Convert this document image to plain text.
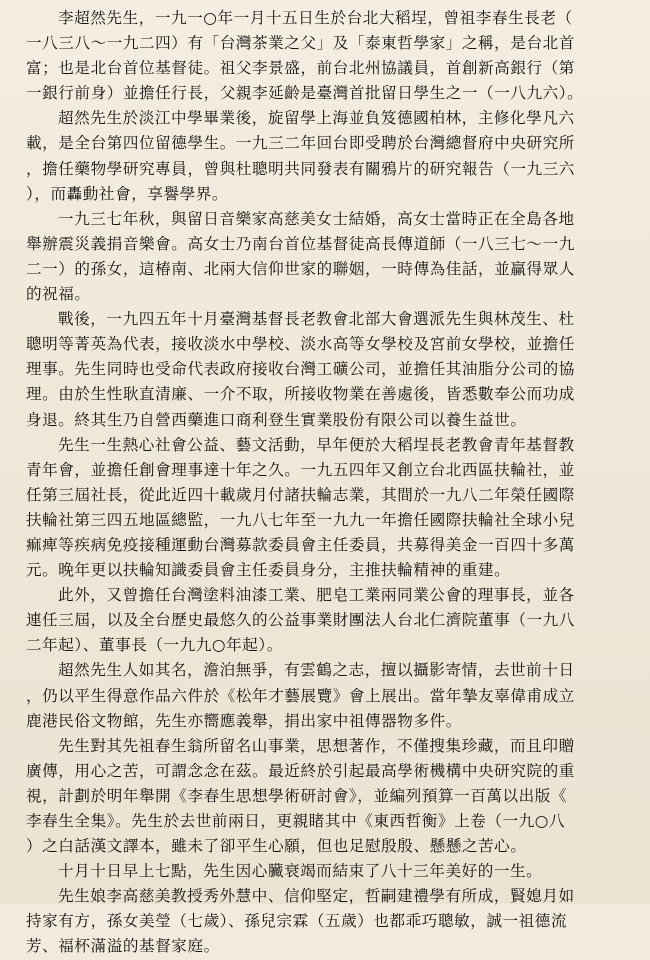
李超然先生，一九一○年一月十五日生於台北大稻埕，曾祖李春生長老（
一八三八～一九二四）有「台灣茶業之父」及「泰東哲學家」之稱，是台北首
富；也是北台首位基督徒。祖父李景盛，前台北州協議員，首創新高銀行（第
一銀行前身）並擔任行長，父親李延齡是臺灣首批留日學生之一（一八九六）。
超然先生於淡江中學畢業後，旋留學上海並負笈德國柏林，主修化學凡六
載，是全台第四位留德學生。一九三二年回台即受聘於台灣總督府中央研究所
，擔任藥物學研究專員，曾與杜聰明共同發表有關鴉片的研究報告（一九三六
），而轟動社會，享譽學界。
一九三七年秋，與留日音樂家高慈美女士結婚，高女士當時正在全島各地
舉辦震災義捐音樂會。高女士乃南台首位基督徒高長傳道師（一八三七～一九
二一）的孫女，這椿南、北兩大信仰世家的聯姻，一時傳為佳話，並贏得眾人
的祝福。
戰後，一九四五年十月臺灣基督長老教會北部大會選派先生與林茂生、杜
聰明等菁英為代表，接收淡水中學校、淡水高等女學校及宮前女學校，並擔任
理事。先生同時也受命代表政府接收台灣工礦公司，並擔任其油脂分公司的協
理。由於生性耿直清廉、一介不取，所接收物業在善處後，皆悉數奉公而功成
身退。終其生乃自營西藥進口商利登生實業股份有限公司以養生益世。
先生一生熱心社會公益、藝文活動，早年便於大稻埕長老教會青年基督教
青年會，並擔任創會理事達十年之久。一九五四年又創立台北西區扶輪社，並
任第三屆社長，從此近四十載歲月付諸扶輪志業，其間於一九八二年榮任國際
扶輪社第三四五地區總監，一九八七年至一九九一年擔任國際扶輪社全球小兒
痲痺等疾病免疫接種運動台灣募款委員會主任委員，共募得美金一百四十多萬
元。晚年更以扶輪知識委員會主任委員身分，主推扶輪精神的重建。
此外，又曾擔任台灣塗料油漆工業、肥皂工業兩同業公會的理事長，並各
連任三屆，以及全台歷史最悠久的公益事業財團法人台北仁濟院董事（一九八
二年起）、董事長（一九九○年起）。
超然先生人如其名，澹泊無爭，有雲鶴之志，擅以攝影寄情，去世前十日
，仍以平生得意作品六件於《松年才藝展覽》會上展出。當年摯友辜偉甫成立
鹿港民俗文物館，先生亦嚮應義舉，捐出家中祖傳器物多件。
先生對其先祖春生翁所留名山事業，思想著作，不僅搜集珍藏，而且印贈
廣傳，用心之苦，可謂念念在茲。最近終於引起最高學術機構中央研究院的重
視，計劃於明年舉開《李春生思想學術研討會》，並編列預算一百萬以出版《
李春生全集》。先生於去世前兩日，更親睹其中《東西哲衡》上卷（一九○八
）之白話漢文譯本，雖未了卻平生心願，但也足慰殷殷、懸懸之苦心。
十月十日早上七點，先生因心臟衰竭而結束了八十三年美好的一生。
先生娘李高慈美教授秀外慧中、信仰堅定，哲嗣建禮學有所成，賢媳月如
持家有方，孫女美瑩（七歲）、孫兒宗霖（五歲）也都乖巧聰敏，誠一祖德流
芳、福杯滿溢的基督家庭。
